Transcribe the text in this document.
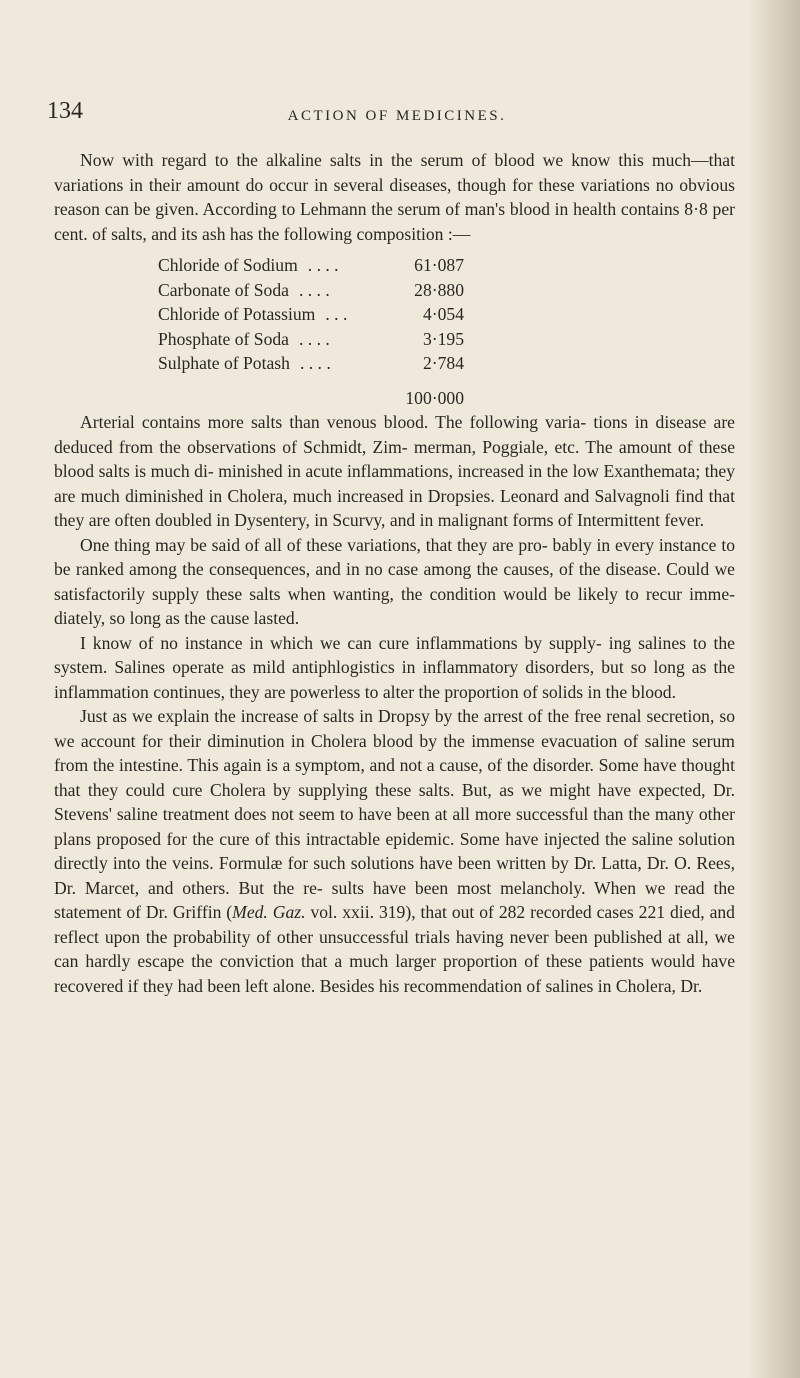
134	ACTION OF MEDICINES.

Now with regard to the alkaline salts in the serum of blood we know this much—that variations in their amount do occur in several diseases, though for these variations no obvious reason can be given. According to Lehmann the serum of man's blood in health contains 8·8 per cent. of salts, and its ash has the following composition :—

Chloride of Sodium . . . .	61·087
Carbonate of Soda . . . .	28·880
Chloride of Potassium . . .	4·054
Phosphate of Soda . . . .	3·195
Sulphate of Potash . . . .	2·784
	100·000

Arterial contains more salts than venous blood. The following varia- tions in disease are deduced from the observations of Schmidt, Zim- merman, Poggiale, etc. The amount of these blood salts is much di- minished in acute inflammations, increased in the low Exanthemata; they are much diminished in Cholera, much increased in Dropsies. Leonard and Salvagnoli find that they are often doubled in Dysentery, in Scurvy, and in malignant forms of Intermittent fever.

One thing may be said of all of these variations, that they are pro- bably in every instance to be ranked among the consequences, and in no case among the causes, of the disease. Could we satisfactorily supply these salts when wanting, the condition would be likely to recur imme- diately, so long as the cause lasted.

I know of no instance in which we can cure inflammations by supply- ing salines to the system. Salines operate as mild antiphlogistics in inflammatory disorders, but so long as the inflammation continues, they are powerless to alter the proportion of solids in the blood.

Just as we explain the increase of salts in Dropsy by the arrest of the free renal secretion, so we account for their diminution in Cholera blood by the immense evacuation of saline serum from the intestine. This again is a symptom, and not a cause, of the disorder. Some have thought that they could cure Cholera by supplying these salts. But, as we might have expected, Dr. Stevens' saline treatment does not seem to have been at all more successful than the many other plans proposed for the cure of this intractable epidemic. Some have injected the saline solution directly into the veins. Formulæ for such solutions have been written by Dr. Latta, Dr. O. Rees, Dr. Marcet, and others. But the re- sults have been most melancholy. When we read the statement of Dr. Griffin (Med. Gaz. vol. xxii. 319), that out of 282 recorded cases 221 died, and reflect upon the probability of other unsuccessful trials having never been published at all, we can hardly escape the conviction that a much larger proportion of these patients would have recovered if they had been left alone. Besides his recommendation of salines in Cholera, Dr.
